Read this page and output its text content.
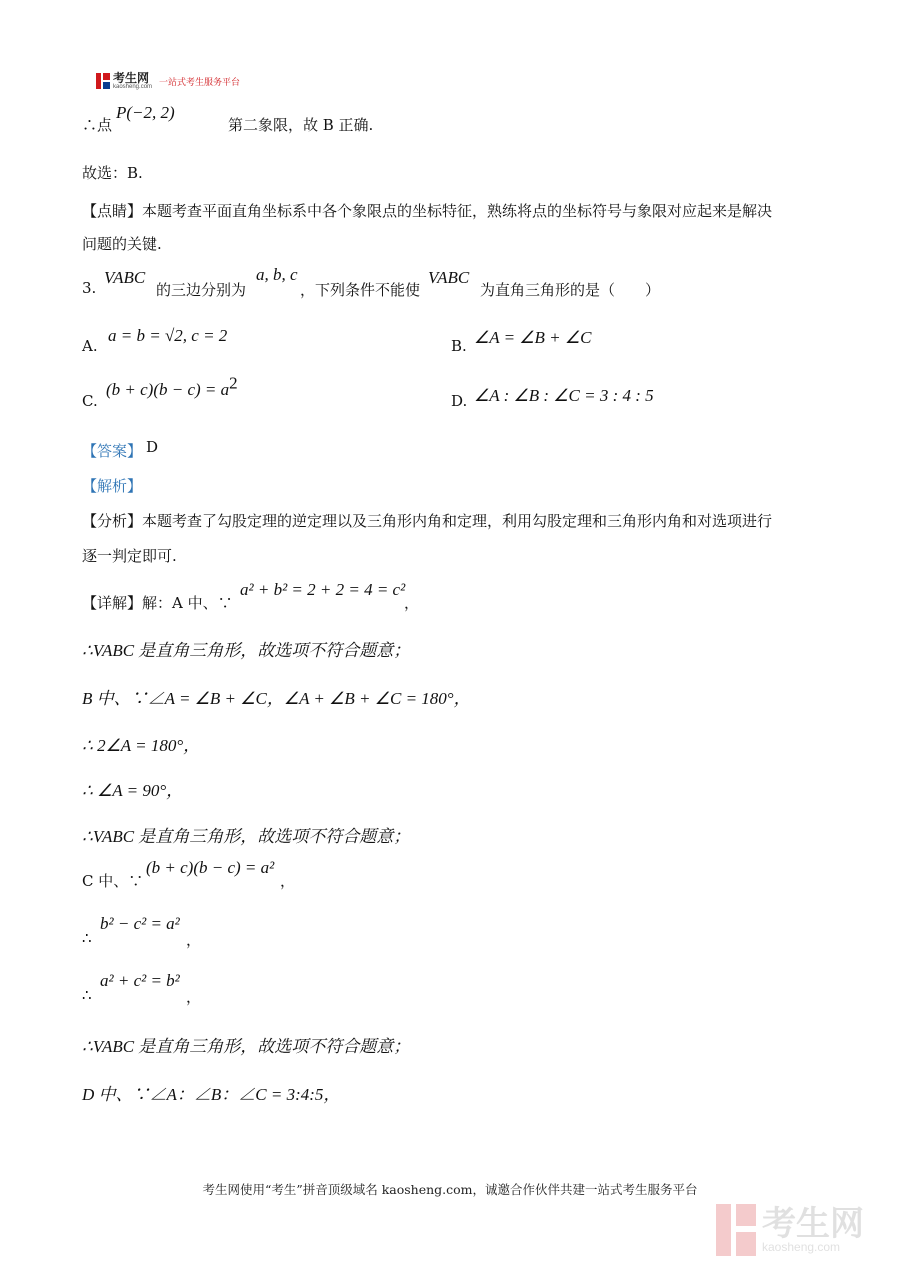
考生网
kaosheng.com 一站式考生服务平台
∴点
P(−2, 2)
第二象限，故 B 正确.
故选：B.
【点睛】本题考查平面直角坐标系中各个象限点的坐标特征，熟练将点的坐标符号与象限对应起来是解决
问题的关键.
3.
VABC
的三边分别为
a, b, c
，下列条件不能使
VABC
为直角三角形的是（　　）
A.
a = b = √2, c = 2
B. ∠A = ∠B + ∠C
C.
$(b + c)(b - c) = a^2$
D. ∠A : ∠B : ∠C = 3 : 4 : 5
【答案】 D
【解析】
【分析】本题考查了勾股定理的逆定理以及三角形内角和定理，利用勾股定理和三角形内角和对选项进行
逐一判定即可.
【详解】解：A 中、∵
a² + b² = 2 + 2 = 4 = c²
，
∴VABC 是直角三角形，故选项不符合题意；
B 中、∵∠A = ∠B + ∠C，∠A + ∠B + ∠C = 180°，
∴ 2∠A = 180°，
∴ ∠A = 90°，
∴VABC 是直角三角形，故选项不符合题意；
C 中、∵
(b + c)(b − c) = a²
，
∴
b² − c² = a²
，
∴
a² + c² = b²
，
∴VABC 是直角三角形，故选项不符合题意；
D 中、∵∠A：∠B：∠C = 3:4:5，
考生网使用“考生”拼音顶级域名 kaosheng.com，诚邀合作伙伴共建一站式考生服务平台
考生网
kaosheng.com
